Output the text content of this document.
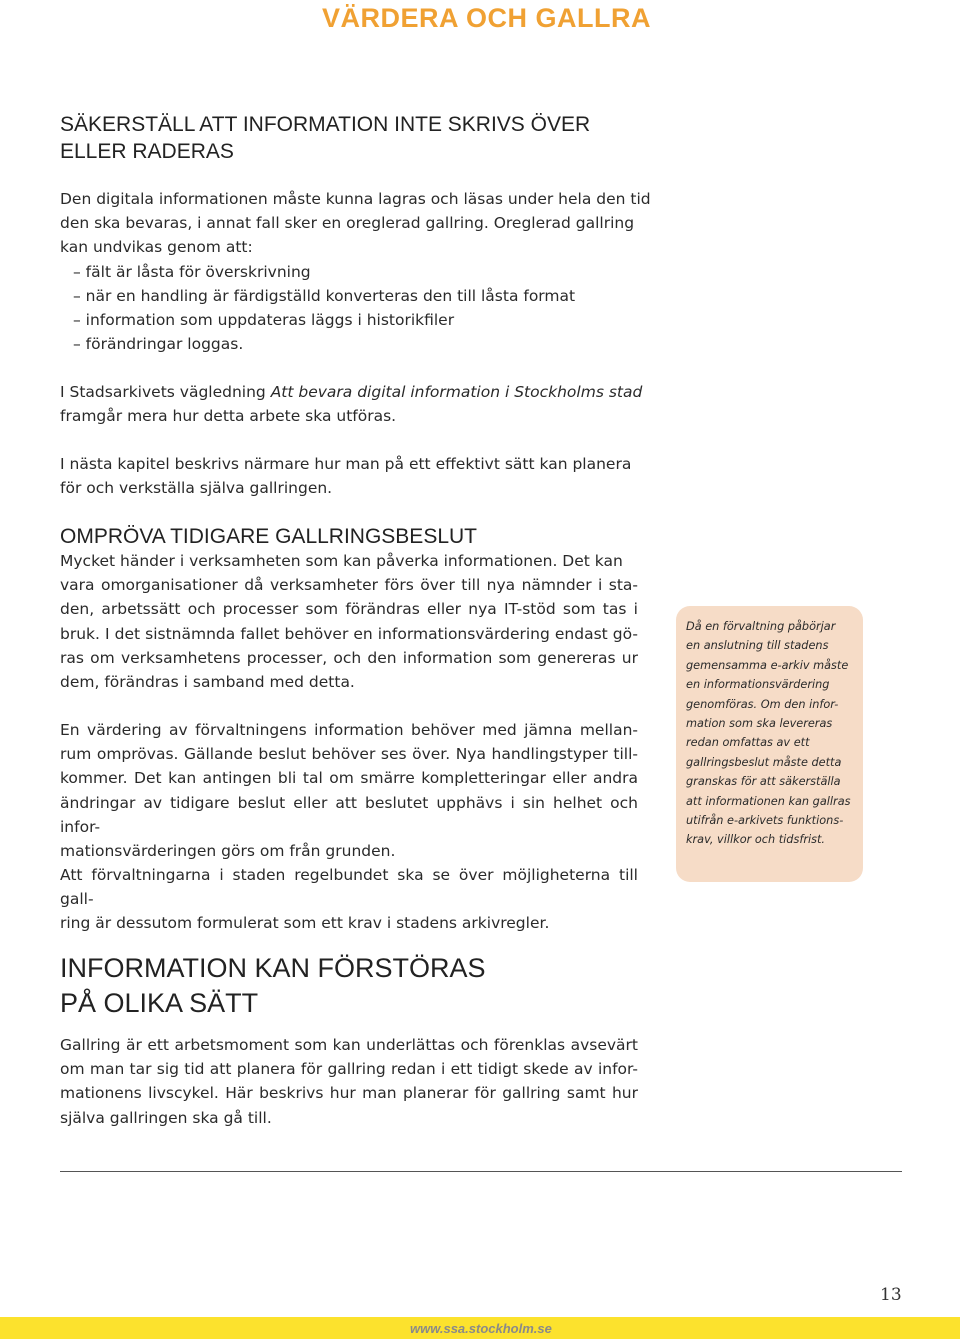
VÄRDERA OCH GALLRA
SÄKERSTÄLL ATT INFORMATION INTE SKRIVS ÖVER
ELLER RADERAS
Den digitala informationen måste kunna lagras och läsas under hela den tid
den ska bevaras, i annat fall sker en oreglerad gallring. Oreglerad gallring
kan undvikas genom att:
– fält är låsta för överskrivning
– när en handling är färdigställd konverteras den till låsta format
– information som uppdateras läggs i historikfiler
– förändringar loggas.
I Stadsarkivets vägledning Att bevara digital information i Stockholms stad
framgår mera hur detta arbete ska utföras.
I nästa kapitel beskrivs närmare hur man på ett effektivt sätt kan planera
för och verkställa själva gallringen.
OMPRÖVA TIDIGARE GALLRINGSBESLUT
Mycket händer i verksamheten som kan påverka informationen. Det kan
vara omorganisationer då verksamheter förs över till nya nämnder i sta-
den, arbetssätt och processer som förändras eller nya IT-stöd som tas i
bruk. I det sistnämnda fallet behöver en informationsvärdering endast gö-
ras om verksamhetens processer, och den information som genereras ur
dem, förändras i samband med detta.
En värdering av förvaltningens information behöver med jämna mellan-
rum omprövas. Gällande beslut behöver ses över. Nya handlingstyper till-
kommer. Det kan antingen bli tal om smärre kompletteringar eller andra
ändringar av tidigare beslut eller att beslutet upphävs i sin helhet och infor-
mationsvärderingen görs om från grunden.
Att förvaltningarna i staden regelbundet ska se över möjligheterna till gall-
ring är dessutom formulerat som ett krav i stadens arkivregler.
Då en förvaltning påbörjar
en anslutning till stadens
gemensamma e-arkiv måste
en informationsvärdering
genomföras. Om den infor-
mation som ska levereras
redan omfattas av ett
gallringsbeslut måste detta
granskas för att säkerställa
att informationen kan gallras
utifrån e-arkivets funktions-
krav, villkor och tidsfrist.
INFORMATION KAN FÖRSTÖRAS
PÅ OLIKA SÄTT
Gallring är ett arbetsmoment som kan underlättas och förenklas avsevärt
om man tar sig tid att planera för gallring redan i ett tidigt skede av infor-
mationens livscykel. Här beskrivs hur man planerar för gallring samt hur
själva gallringen ska gå till.
13
www.ssa.stockholm.se
